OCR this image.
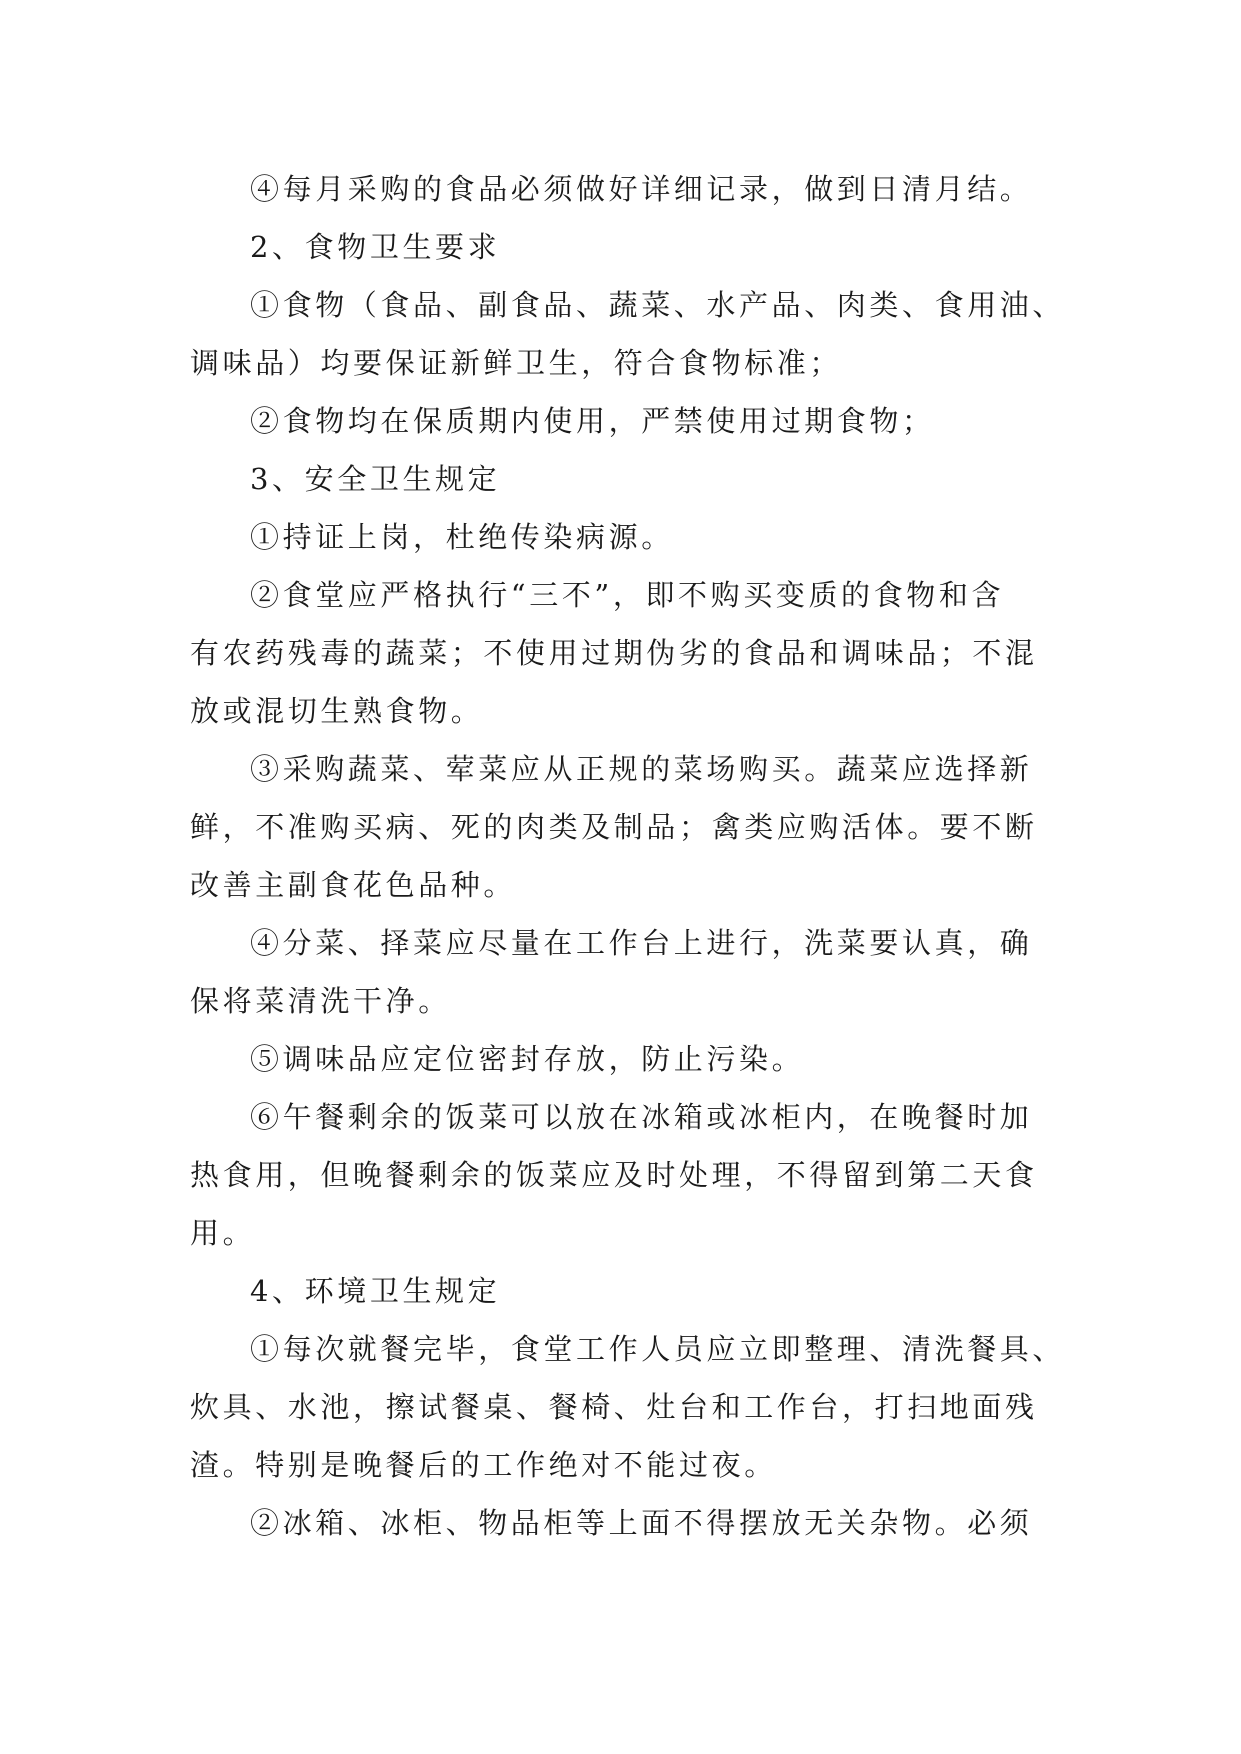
④每月采购的食品必须做好详细记录，做到日清月结。
2、食物卫生要求
①食物（食品、副食品、蔬菜、水产品、肉类、食用油、
调味品）均要保证新鲜卫生，符合食物标准；
②食物均在保质期内使用，严禁使用过期食物；
3、安全卫生规定
①持证上岗，杜绝传染病源。
②食堂应严格执行“三不”，即不购买变质的食物和含
有农药残毒的蔬菜；不使用过期伪劣的食品和调味品；不混
放或混切生熟食物。
③采购蔬菜、荤菜应从正规的菜场购买。蔬菜应选择新
鲜，不准购买病、死的肉类及制品；禽类应购活体。要不断
改善主副食花色品种。
④分菜、择菜应尽量在工作台上进行，洗菜要认真，确
保将菜清洗干净。
⑤调味品应定位密封存放，防止污染。
⑥午餐剩余的饭菜可以放在冰箱或冰柜内，在晚餐时加
热食用，但晚餐剩余的饭菜应及时处理，不得留到第二天食
用。
4、环境卫生规定
①每次就餐完毕，食堂工作人员应立即整理、清洗餐具、
炊具、水池，擦试餐桌、餐椅、灶台和工作台，打扫地面残
渣。特别是晚餐后的工作绝对不能过夜。
②冰箱、冰柜、物品柜等上面不得摆放无关杂物。必须
